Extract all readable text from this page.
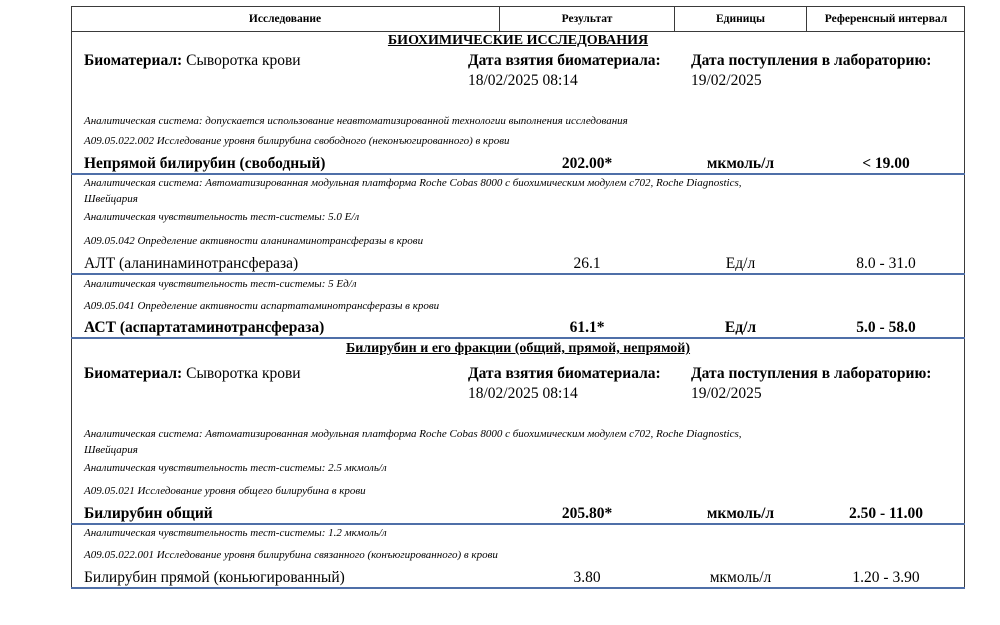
Исследование	Результат	Единицы	Референсный интервал
БИОХИМИЧЕСКИЕ ИССЛЕДОВАНИЯ
Биоматериал: Сыворотка крови	Дата взятия биоматериала:
18/02/2025 08:14
Дата поступления в лабораторию:
19/02/2025
Аналитическая система: допускается использование неавтоматизированной технологии выполнения исследования
A09.05.022.002 Исследование уровня билирубина свободного (неконъюгированного) в крови
Непрямой билирубин (свободный)	202.00*	мкмоль/л	< 19.00
Аналитическая система: Автоматизированная модульная платформа Roche Cobas 8000 с биохимическим модулем c702, Roche Diagnostics,
Швейцария
Аналитическая чувствительность тест-системы: 5.0 Е/л
A09.05.042 Определение активности аланинаминотрансферазы в крови
АЛТ (аланинаминотрансфераза)	26.1	Ед/л	8.0 - 31.0
Аналитическая чувствительность тест-системы: 5 Ед/л
A09.05.041 Определение активности аспартатаминотрансферазы в крови
АСТ (аспартатаминотрансфераза)	61.1*	Ед/л	5.0 - 58.0
Билирубин и его фракции (общий, прямой, непрямой)
Биоматериал: Сыворотка крови	Дата взятия биоматериала:
18/02/2025 08:14
Дата поступления в лабораторию:
19/02/2025
Аналитическая система: Автоматизированная модульная платформа Roche Cobas 8000 с биохимическим модулем c702, Roche Diagnostics,
Швейцария
Аналитическая чувствительность тест-системы: 2.5 мкмоль/л
A09.05.021 Исследование уровня общего билирубина в крови
Билирубин общий	205.80*	мкмоль/л	2.50 - 11.00
Аналитическая чувствительность тест-системы: 1.2 мкмоль/л
A09.05.022.001 Исследование уровня билирубина связанного (конъюгированного) в крови
Билирубин прямой (коньюгированный)	3.80	мкмоль/л	1.20 - 3.90
